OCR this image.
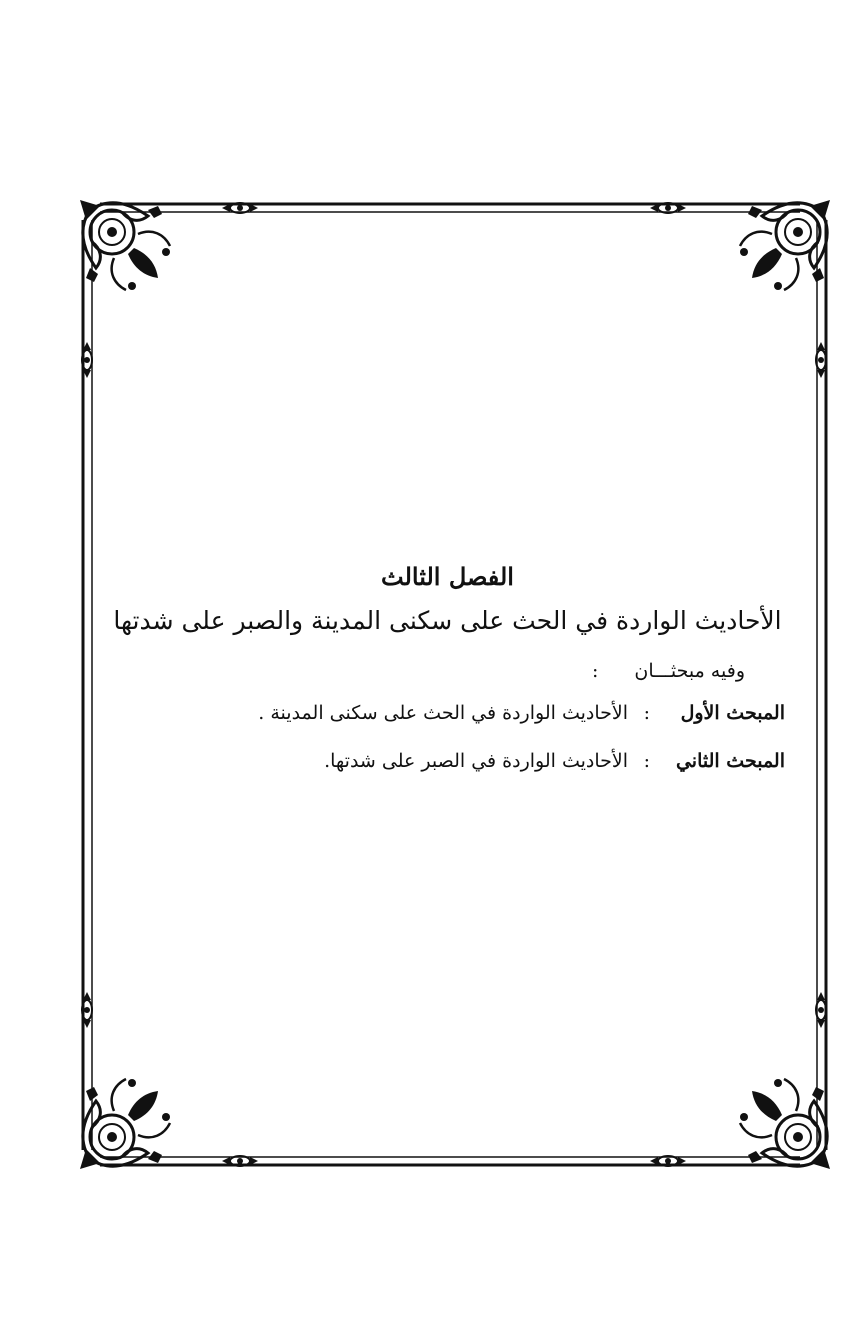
الفصل الثالث

الأحاديث الواردة في الحث على سكنى المدينة والصبر على شدتها

وفيه مبحثـــان :
المبحث الأول
:
الأحاديث الواردة في الحث على سكنى المدينة .
المبحث الثاني
:
الأحاديث الواردة في الصبر على شدتها.
